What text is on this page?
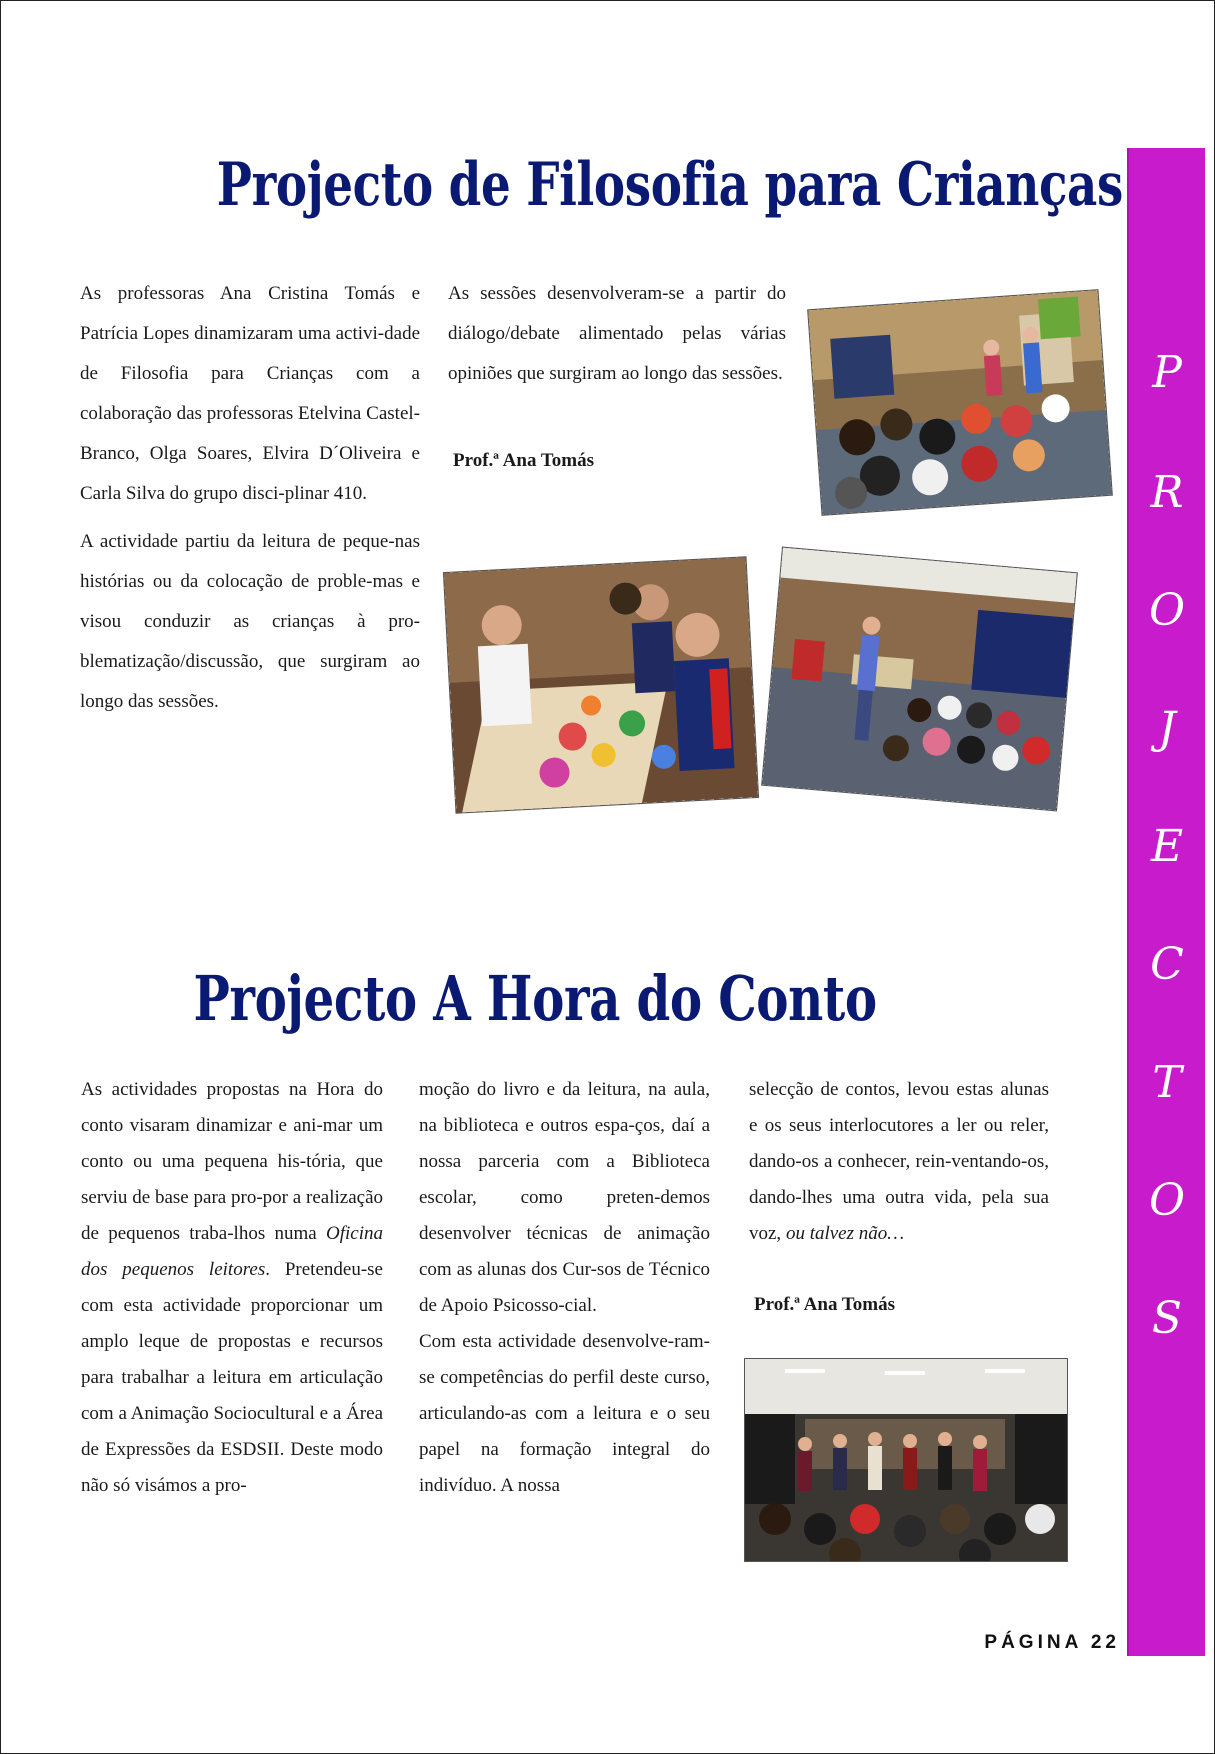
Projecto de Filosofia para Crianças

As professoras Ana Cristina Tomás e Patrícia Lopes dinamizaram uma activi-dade de Filosofia para Crianças com a colaboração das professoras Etelvina Castel-Branco, Olga Soares, Elvira D´Oliveira e Carla Silva do grupo disci-plinar 410.

A actividade partiu da leitura de peque-nas histórias ou da colocação de proble-mas e visou conduzir as crianças à pro-blematização/discussão, que surgiram ao longo das sessões.

As sessões desenvolveram-se a partir do diálogo/debate alimentado pelas várias opiniões que surgiram ao longo das sessões.

Prof.ª Ana Tomás
Projecto A Hora do Conto

As actividades propostas na Hora do conto visaram dinamizar e ani-mar um conto ou uma pequena his-tória, que serviu de base para pro-por a realização de pequenos traba-lhos numa Oficina dos pequenos leitores. Pretendeu-se com esta actividade proporcionar um amplo leque de propostas e recursos para trabalhar a leitura em articulação com a Animação Sociocultural e a Área de Expressões da ESDSII. Deste modo não só visámos a pro-

moção do livro e da leitura, na aula, na biblioteca e outros espa-ços, daí a nossa parceria com a Biblioteca escolar, como preten-demos desenvolver técnicas de animação com as alunas dos Cur-sos de Técnico de Apoio Psicosso-cial.

Com esta actividade desenvolve-ram-se competências do perfil deste curso, articulando-as com a leitura e o seu papel na formação integral do indivíduo. A nossa

selecção de contos, levou estas alunas e os seus interlocutores a ler ou reler, dando-os a conhecer, rein-ventando-os, dando-lhes uma outra vida, pela sua voz, ou talvez não…

Prof.ª Ana Tomás
P
R
O
J
E
C
T
O
S
PÁGINA 22
